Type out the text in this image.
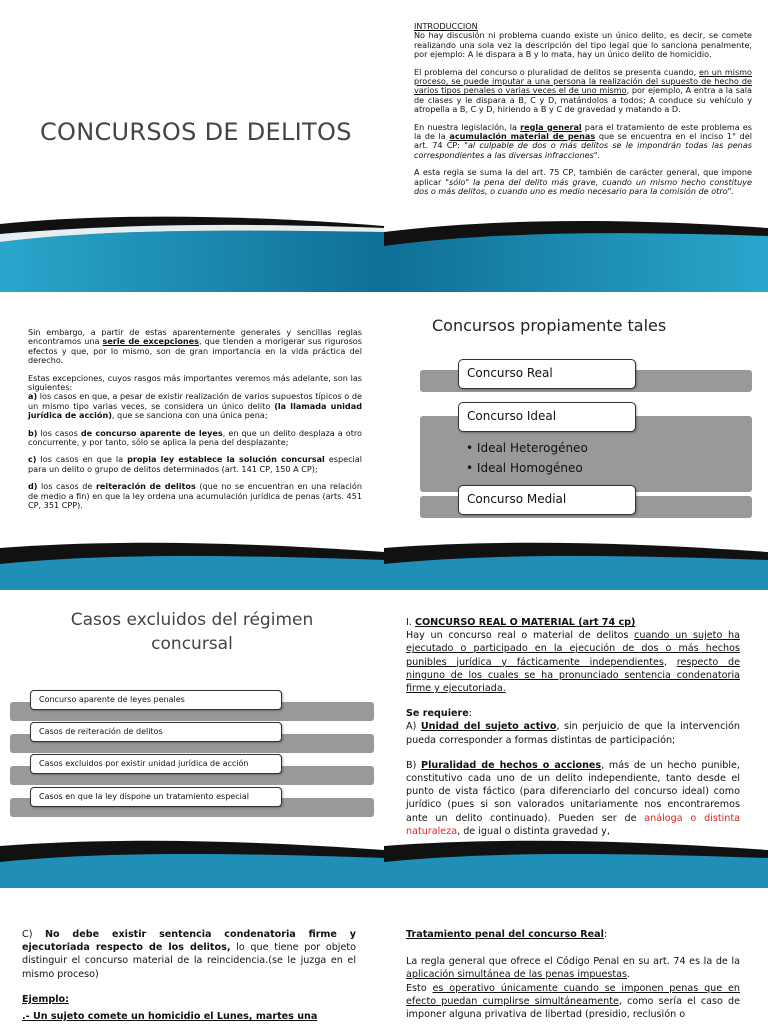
CONCURSOS DE DELITOS
INTRODUCCION

No hay discusión ni problema cuando existe un único delito, es decir, se comete realizando una sola vez la descripción del tipo legal que lo sanciona penalmente, por ejemplo: A le dispara a B y lo mata, hay un único delito de homicidio.

El problema del concurso o pluralidad de delitos se presenta cuando, en un mismo proceso, se puede imputar a una persona la realización del supuesto de hecho de varios tipos penales o varias veces el de uno mismo, por ejemplo, A entra a la sala de clases y le dispara a B, C y D, matándolos a todos; A conduce su vehículo y atropella a B, C y D, hiriendo a B y C de gravedad y matando a D.

En nuestra legislación, la regla general para el tratamiento de este problema es la de la acumulación material de penas que se encuentra en el inciso 1° del art. 74 CP: "al culpable de dos o más delitos se le impondrán todas las penas correspondientes a las diversas infracciones".

A esta regla se suma la del art. 75 CP, también de carácter general, que impone aplicar "sólo" la pena del delito más grave, cuando un mismo hecho constituye dos o más delitos, o cuando uno es medio necesario para la comisión de otro".

Sin embargo, a partir de estas aparentemente generales y sencillas reglas encontramos una serie de excepciones, que tienden a morigerar sus rigurosos efectos y que, por lo mismo, son de gran importancia en la vida práctica del derecho.

Estas excepciones, cuyos rasgos más importantes veremos más adelante, son las siguientes:

a) los casos en que, a pesar de existir realización de varios supuestos típicos o de un mismo tipo varias veces, se considera un único delito (la llamada unidad jurídica de acción), que se sanciona con una única pena;

b) los casos de concurso aparente de leyes, en que un delito desplaza a otro concurrente, y por tanto, sólo se aplica la pena del desplazante;

c) los casos en que la propia ley establece la solución concursal especial para un delito o grupo de delitos determinados (art. 141 CP, 150 A CP);

d) los casos de reiteración de delitos (que no se encuentran en una relación de medio a fin) en que la ley ordena una acumulación jurídica de penas (arts. 451 CP, 351 CPP).

Concursos propiamente tales
Concurso Real
Concurso Ideal
• Ideal Heterogéneo
• Ideal Homogéneo
Concurso Medial
Casos excluidos del régimen
concursal
Concurso aparente de leyes penales
Casos de reiteración de delitos
Casos excluidos por existir unidad jurídica de acción
Casos en que la ley dispone un tratamiento especial
I. CONCURSO REAL O MATERIAL (art 74 cp)
Hay un concurso real o material de delitos cuando un sujeto ha ejecutado o participado en la ejecución de dos o más hechos punibles jurídica y fácticamente independientes, respecto de ninguno de los cuales se ha pronunciado sentencia condenatoria firme y ejecutoriada.
Se requiere:
A) Unidad del sujeto activo, sin perjuicio de que la intervención pueda corresponder a formas distintas de participación;
B) Pluralidad de hechos o acciones, más de un hecho punible, constitutivo cada uno de un delito independiente, tanto desde el punto de vista fáctico (para diferenciarlo del concurso ideal) como jurídico (pues si son valorados unitariamente nos encontraremos ante un delito continuado). Pueden ser de análoga o distinta naturaleza, de igual o distinta gravedad y,
C) No debe existir sentencia condenatoria firme y ejecutoriada respecto de los delitos, lo que tiene por objeto distinguir el concurso material de la reincidencia.(se le juzga en el mismo proceso)
Ejemplo:
.- Un sujeto comete un homicidio el Lunes, martes una
Tratamiento penal del concurso Real:
La regla general que ofrece el Código Penal en su art. 74 es la de la aplicación simultánea de las penas impuestas.
Esto es operativo únicamente cuando se imponen penas que en efecto puedan cumplirse simultáneamente, como sería el caso de imponer alguna privativa de libertad (presidio, reclusión o
